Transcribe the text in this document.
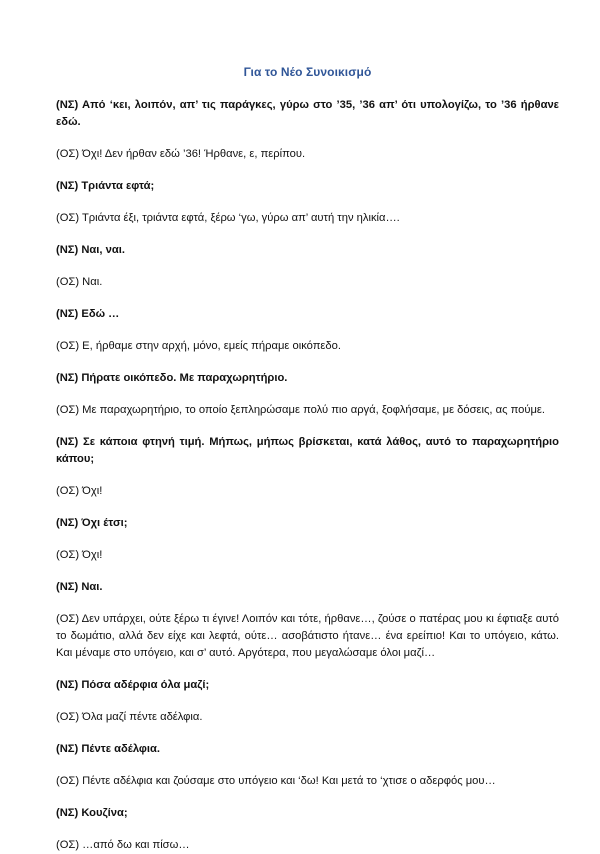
Για το Νέο Συνοικισμό

(ΝΣ) Από ‘κει, λοιπόν, απ’ τις παράγκες, γύρω στο ’35, ’36 απ’ ότι υπολογίζω, το ’36 ήρθανε εδώ.

(ΟΣ) Όχι! Δεν ήρθαν εδώ ’36! Ήρθανε, ε, περίπου.

(ΝΣ) Τριάντα εφτά;

(ΟΣ) Τριάντα έξι, τριάντα εφτά, ξέρω ‘γω, γύρω απ’ αυτή την ηλικία….

(ΝΣ) Ναι, ναι.

(ΟΣ) Ναι.

(ΝΣ) Εδώ …

(ΟΣ) Ε, ήρθαμε στην αρχή, μόνο, εμείς πήραμε οικόπεδο.

(ΝΣ) Πήρατε οικόπεδο. Με παραχωρητήριο.

(ΟΣ) Με παραχωρητήριο, το οποίο ξεπληρώσαμε πολύ πιο αργά, ξοφλήσαμε, με δόσεις, ας πούμε.

(ΝΣ) Σε κάποια φτηνή τιμή. Μήπως, μήπως βρίσκεται, κατά λάθος, αυτό το παραχωρητήριο κάπου;

(ΟΣ) Όχι!

(ΝΣ) Όχι έτσι;

(ΟΣ) Όχι!

(ΝΣ) Ναι.

(ΟΣ) Δεν υπάρχει, ούτε ξέρω τι έγινε! Λοιπόν και τότε, ήρθανε…, ζούσε ο πατέρας μου κι έφτιαξε αυτό το δωμάτιο, αλλά δεν είχε και λεφτά, ούτε… ασοβάτιστο ήτανε… ένα ερείπιο! Και το υπόγειο, κάτω. Και μέναμε στο υπόγειο, και σ’ αυτό. Αργότερα, που μεγαλώσαμε όλοι μαζί…

(ΝΣ) Πόσα αδέρφια όλα μαζί;

(ΟΣ) Όλα μαζί πέντε αδέλφια.

(ΝΣ) Πέντε αδέλφια.

(ΟΣ) Πέντε αδέλφια και ζούσαμε στο υπόγειο και ‘δω! Και μετά το ‘χτισε ο αδερφός μου…

(ΝΣ) Κουζίνα;

(ΟΣ) …από δω και πίσω…
